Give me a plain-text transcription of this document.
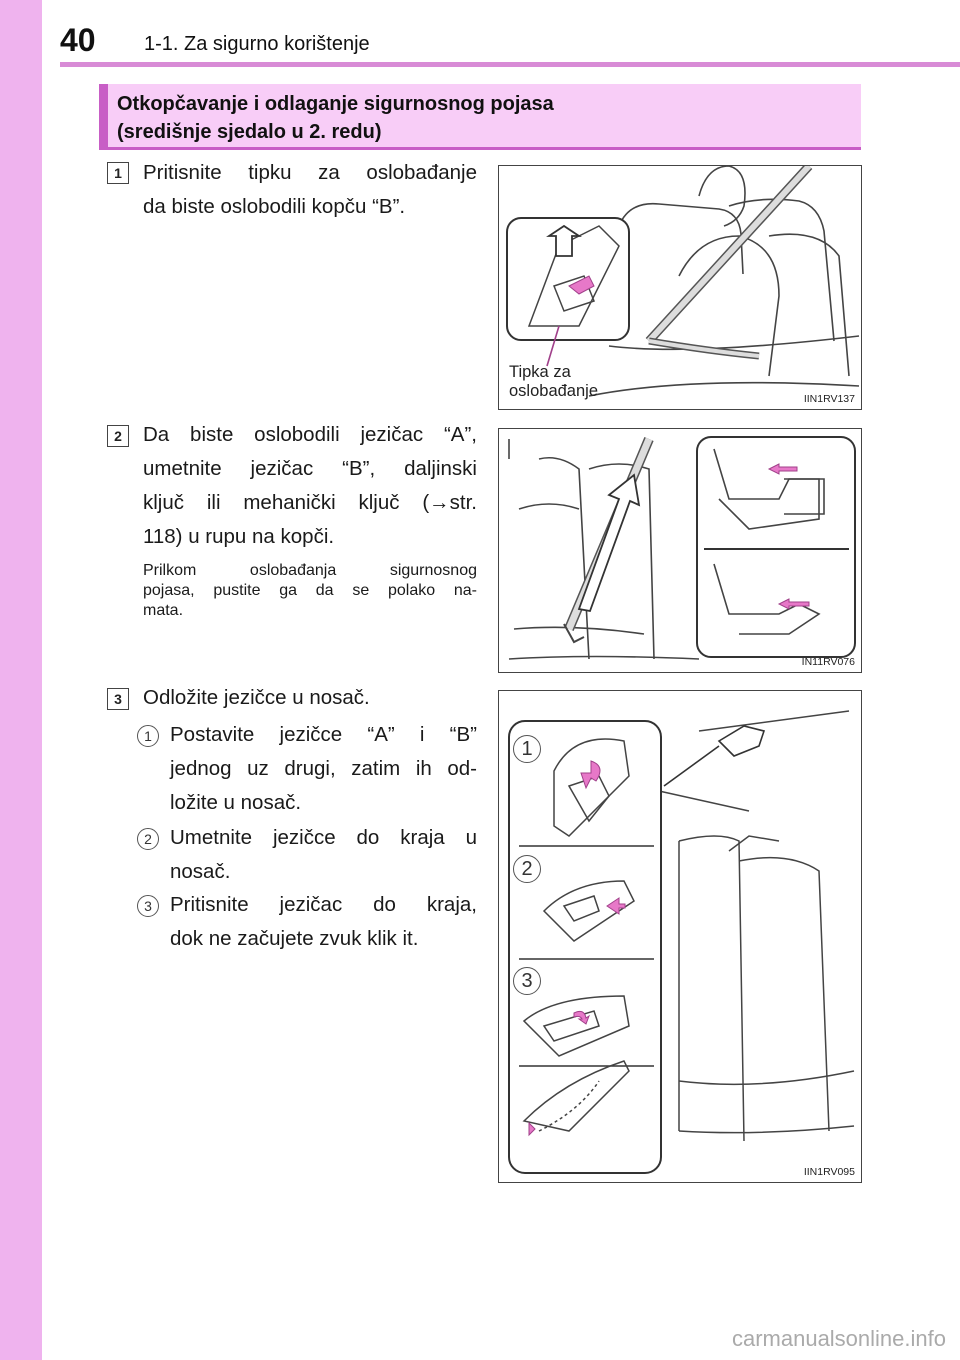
40 1-1. Za sigurno korištenje
Otkopčavanje i odlaganje sigurnosnog pojasa
(središnje sjedalo u 2. redu)
1	Pritisnite tipku za oslobađanje
da biste oslobodili kopču “B”.
Tipka za
oslobađanje	IIN1RV137
2	Da biste oslobodili jezičac “A”,
umetnite jezičac “B”, daljinski
ključ ili mehanički ključ (→str.
118) u rupu na kopči.
Prilkom oslobađanja sigurnosnog
pojasa, pustite ga da se polako na-
mata.
IN11RV076
3	Odložite jezičce u nosač.
1 Postavite jezičce “A” i “B”
jednog uz drugi, zatim ih od-
ložite u nosač.
2 Umetnite jezičce do kraja u
nosač.
3 Pritisnite jezičac do kraja,
dok ne začujete zvuk klik it.
1
2
3
IIN1RV095
carmanualsonline.info
